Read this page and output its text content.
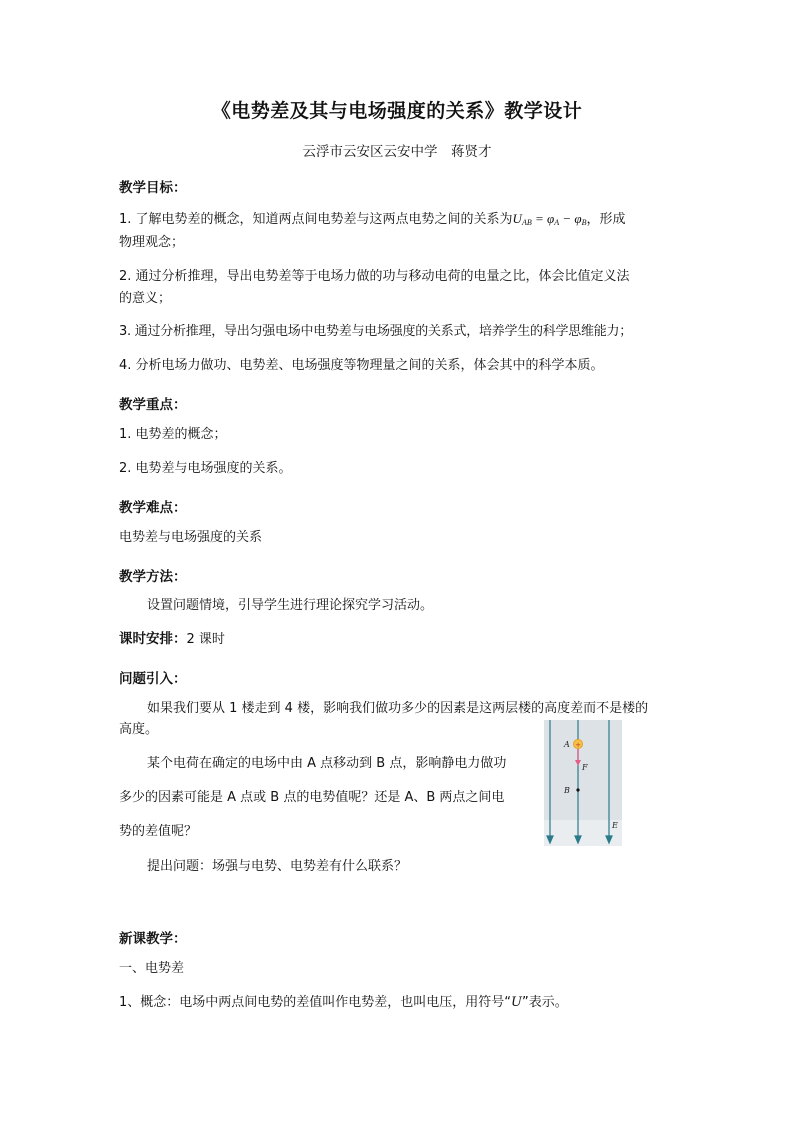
《电势差及其与电场强度的关系》教学设计
云浮市云安区云安中学　蒋贤才
教学目标：
1. 了解电势差的概念，知道两点间电势差与这两点电势之间的关系为$U_{AB} = \varphi_A - \varphi_B$，形成
物理观念；
2. 通过分析推理，导出电势差等于电场力做的功与移动电荷的电量之比，体会比值定义法
的意义；
3. 通过分析推理，导出匀强电场中电势差与电场强度的关系式，培养学生的科学思维能力；
4. 分析电场力做功、电势差、电场强度等物理量之间的关系，体会其中的科学本质。
教学重点：
1. 电势差的概念；
2. 电势差与电场强度的关系。
教学难点：
电势差与电场强度的关系
教学方法：
设置问题情境，引导学生进行理论探究学习活动。
课时安排：2 课时
问题引入：
如果我们要从 1 楼走到 4 楼，影响我们做功多少的因素是这两层楼的高度差而不是楼的
高度。
某个电荷在确定的电场中由 A 点移动到 B 点，影响静电力做功
多少的因素可能是 A 点或 B 点的电势值呢？还是 A、B 两点之间电
势的差值呢？
提出问题：场强与电势、电势差有什么联系？
+
A
B
F
E
新课教学：
一、电势差
1、概念：电场中两点间电势的差值叫作电势差，也叫电压，用符号“U”表示。
